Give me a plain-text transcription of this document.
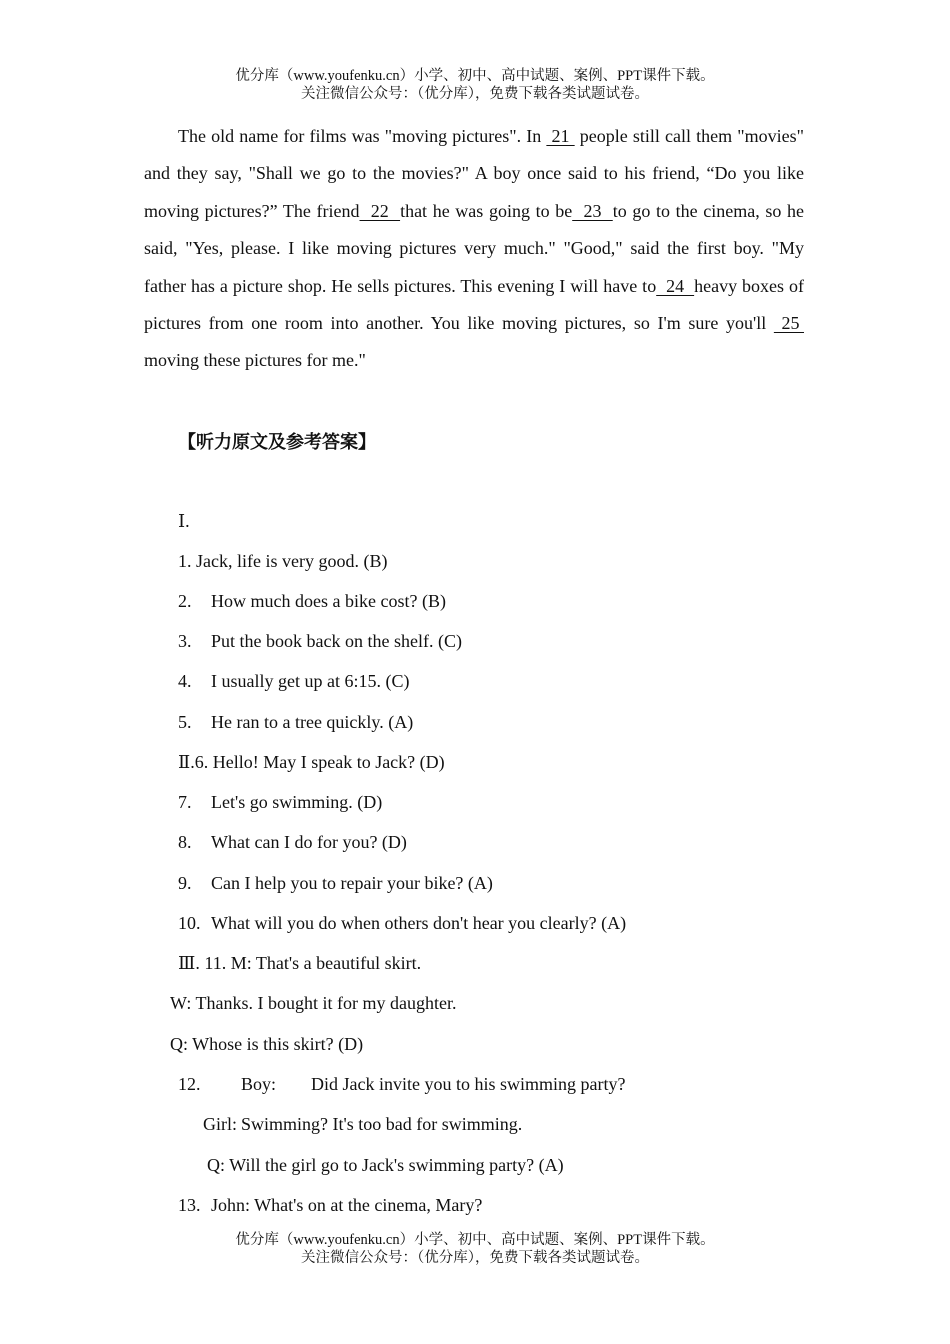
优分库（www.youfenku.cn）小学、初中、高中试题、案例、PPT课件下载。
关注微信公众号：（优分库），免费下载各类试题试卷。
The old name for films was "moving pictures". In  21  people still call them "movies" and they say, "Shall we go to the movies?" A boy once said to his friend, “Do you like moving pictures?” The friend  22  that he was going to be  23  to go to the cinema, so he said, "Yes, please. I like moving pictures very much." "Good," said the first boy. "My father has a picture shop. He sells pictures. This evening I will have to  24  heavy boxes of pictures from one room into another. You like moving pictures, so I'm sure you'll  25  moving these pictures for me."
【听力原文及参考答案】
Ⅰ.
1. Jack, life is very good. (B)
2. How much does a bike cost? (B)
3. Put the book back on the shelf. (C)
4. I usually get up at 6:15. (C)
5. He ran to a tree quickly. (A)
Ⅱ.6. Hello! May I speak to Jack? (D)
7. Let's go swimming. (D)
8. What can I do for you? (D)
9. Can I help you to repair your bike? (A)
10. What will you do when others don't hear you clearly? (A)
Ⅲ. 11. M: That's a beautiful skirt.
W: Thanks. I bought it for my daughter.
Q: Whose is this skirt? (D)
12. Boy: Did Jack invite you to his swimming party?
Girl: Swimming? It's too bad for swimming.
Q: Will the girl go to Jack's swimming party? (A)
13. John: What's on at the cinema, Mary?
优分库（www.youfenku.cn）小学、初中、高中试题、案例、PPT课件下载。
关注微信公众号：（优分库），免费下载各类试题试卷。
